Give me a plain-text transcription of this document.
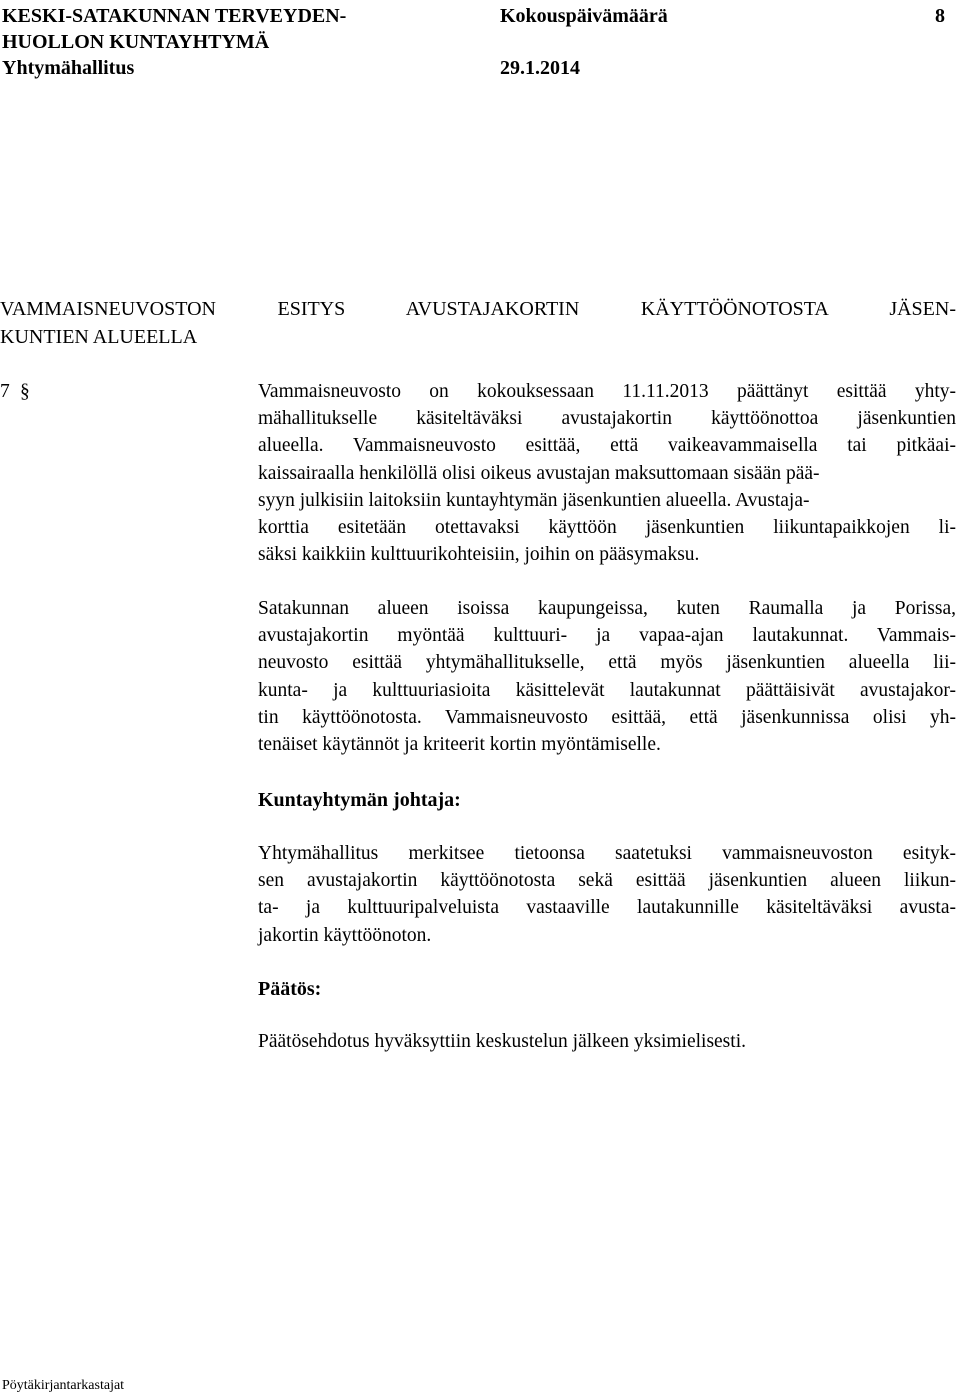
KESKI-SATAKUNNAN TERVEYDEN-
HUOLLON KUNTAYHTYMÄ
Yhtymähallitus
Kokouspäivämäärä
29.1.2014
8
VAMMAISNEUVOSTON ESITYS AVUSTAJAKORTIN KÄYTTÖÖNOTOSTA JÄSEN-
KUNTIEN ALUEELLA
7 §	Vammaisneuvosto on kokouksessaan 11.11.2013 päättänyt esittää yhty-
mähallitukselle käsiteltäväksi avustajakortin käyttöönottoa jäsenkuntien
alueella. Vammaisneuvosto esittää, että vaikeavammaisella tai pitkäai-
kaissairaalla henkilöllä olisi oikeus avustajan maksuttomaan sisään pää-
syyn julkisiin laitoksiin kuntayhtymän jäsenkuntien alueella. Avustaja-
korttia esitetään otettavaksi käyttöön jäsenkuntien liikuntapaikkojen li-
säksi kaikkiin kulttuurikohteisiin, joihin on pääsymaksu.
Satakunnan alueen isoissa kaupungeissa, kuten Raumalla ja Porissa,
avustajakortin myöntää kulttuuri- ja vapaa-ajan lautakunnat. Vammais-
neuvosto esittää yhtymähallitukselle, että myös jäsenkuntien alueella lii-
kunta- ja kulttuuriasioita käsittelevät lautakunnat päättäisivät avustajakor-
tin käyttöönotosta. Vammaisneuvosto esittää, että jäsenkunnissa olisi yh-
tenäiset käytännöt ja kriteerit kortin myöntämiselle.
Kuntayhtymän johtaja:
Yhtymähallitus merkitsee tietoonsa saatetuksi vammaisneuvoston esityk-
sen avustajakortin käyttöönotosta sekä esittää jäsenkuntien alueen liikun-
ta- ja kulttuuripalveluista vastaaville lautakunnille käsiteltäväksi avusta-
jakortin käyttöönoton.
Päätös:
Päätösehdotus hyväksyttiin keskustelun jälkeen yksimielisesti.
Pöytäkirjantarkastajat
